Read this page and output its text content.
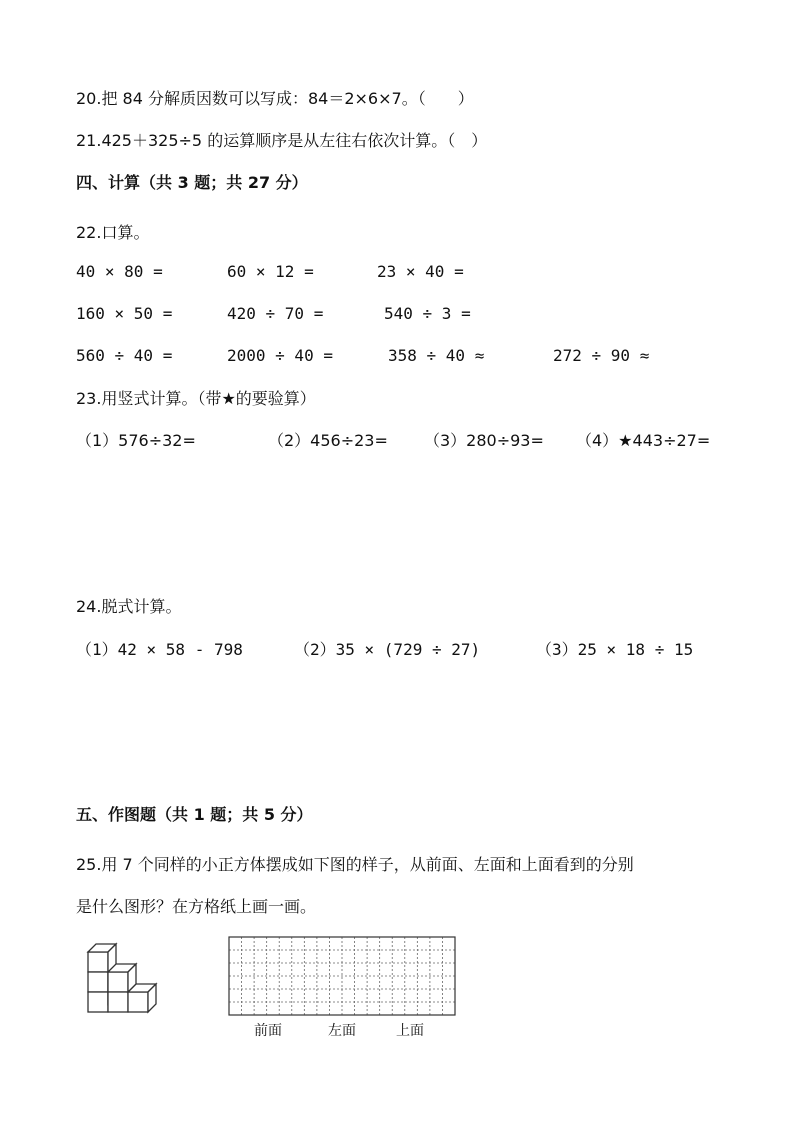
20.把 84 分解质因数可以写成：84＝2×6×7。（　　）
21.425＋325÷5 的运算顺序是从左往右依次计算。（　）
四、计算（共 3 题；共 27 分）
22.口算。
40 × 80 =	60 × 12 =	23 × 40 =
160 × 50 =	420 ÷ 70 =	540 ÷ 3 =
560 ÷ 40 =	2000 ÷ 40 =	358 ÷ 40 ≈	272 ÷ 90 ≈
23.用竖式计算。（带★的要验算）
（1）576÷32=	（2）456÷23= （3）280÷93= （4）★443÷27=
24.脱式计算。
（1）42 × 58 - 798	（2）35 × (729 ÷ 27)	（3）25 × 18 ÷ 15
五、作图题（共 1 题；共 5 分）
25.用 7 个同样的小正方体摆成如下图的样子，从前面、左面和上面看到的分别
是什么图形？在方格纸上画一画。
前面	左面	上面
